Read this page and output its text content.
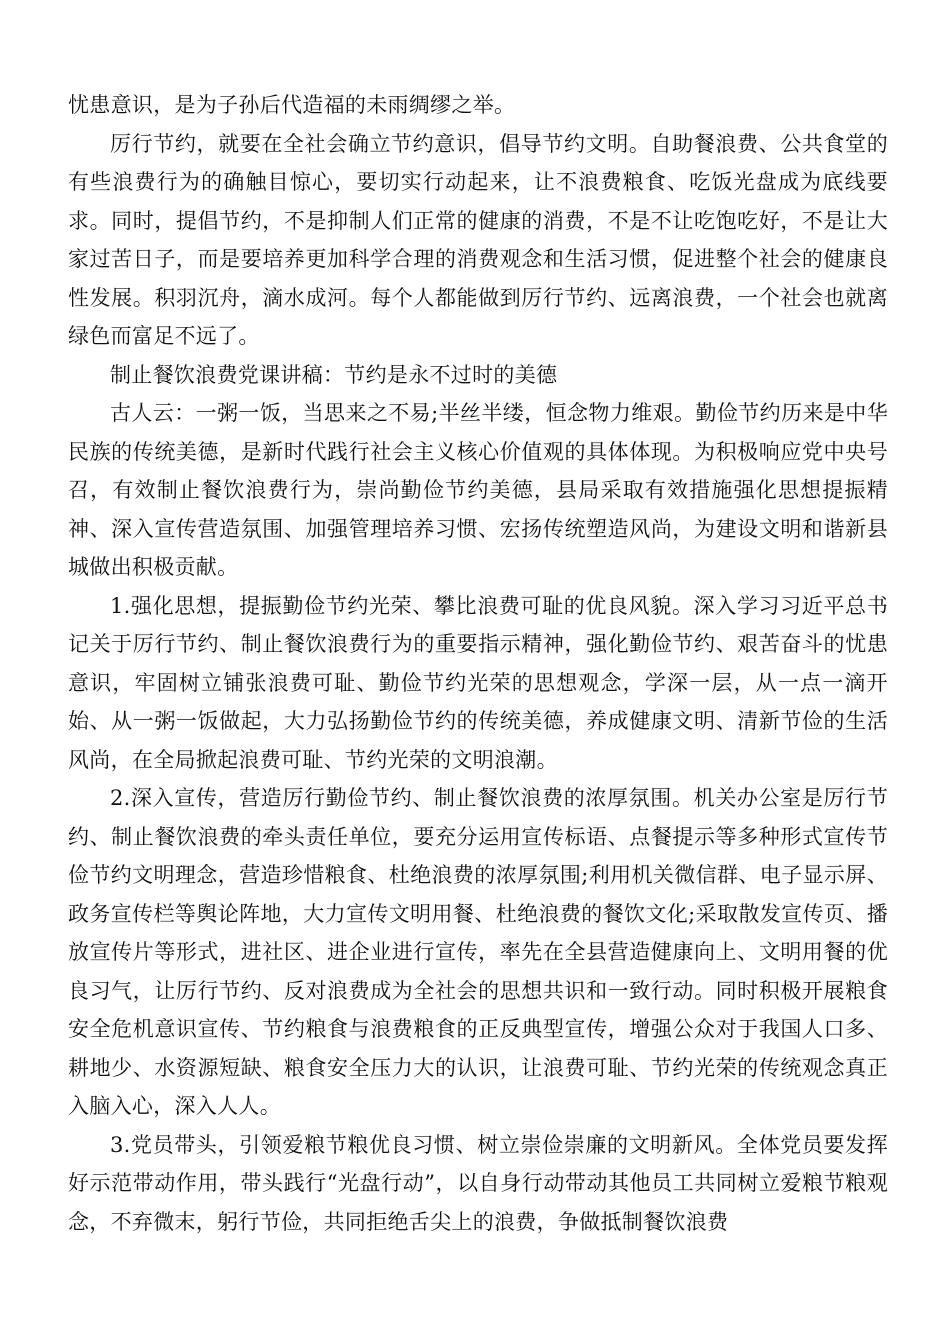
忧患意识，是为子孙后代造福的未雨绸缪之举。

厉行节约，就要在全社会确立节约意识，倡导节约文明。自助餐浪费、公共食堂的有些浪费行为的确触目惊心，要切实行动起来，让不浪费粮食、吃饭光盘成为底线要求。同时，提倡节约，不是抑制人们正常的健康的消费，不是不让吃饱吃好，不是让大家过苦日子，而是要培养更加科学合理的消费观念和生活习惯，促进整个社会的健康良性发展。积羽沉舟，滴水成河。每个人都能做到厉行节约、远离浪费，一个社会也就离绿色而富足不远了。

制止餐饮浪费党课讲稿：节约是永不过时的美德

古人云：一粥一饭，当思来之不易;半丝半缕，恒念物力维艰。勤俭节约历来是中华民族的传统美德，是新时代践行社会主义核心价值观的具体体现。为积极响应党中央号召，有效制止餐饮浪费行为，崇尚勤俭节约美德，县局采取有效措施强化思想提振精神、深入宣传营造氛围、加强管理培养习惯、宏扬传统塑造风尚，为建设文明和谐新县城做出积极贡献。

1.强化思想，提振勤俭节约光荣、攀比浪费可耻的优良风貌。深入学习习近平总书记关于厉行节约、制止餐饮浪费行为的重要指示精神，强化勤俭节约、艰苦奋斗的忧患意识，牢固树立铺张浪费可耻、勤俭节约光荣的思想观念，学深一层，从一点一滴开始、从一粥一饭做起，大力弘扬勤俭节约的传统美德，养成健康文明、清新节俭的生活风尚，在全局掀起浪费可耻、节约光荣的文明浪潮。

2.深入宣传，营造厉行勤俭节约、制止餐饮浪费的浓厚氛围。机关办公室是厉行节约、制止餐饮浪费的牵头责任单位，要充分运用宣传标语、点餐提示等多种形式宣传节俭节约文明理念，营造珍惜粮食、杜绝浪费的浓厚氛围;利用机关微信群、电子显示屏、政务宣传栏等舆论阵地，大力宣传文明用餐、杜绝浪费的餐饮文化;采取散发宣传页、播放宣传片等形式，进社区、进企业进行宣传，率先在全县营造健康向上、文明用餐的优良习气，让厉行节约、反对浪费成为全社会的思想共识和一致行动。同时积极开展粮食安全危机意识宣传、节约粮食与浪费粮食的正反典型宣传，增强公众对于我国人口多、耕地少、水资源短缺、粮食安全压力大的认识，让浪费可耻、节约光荣的传统观念真正入脑入心，深入人人。

3.党员带头，引领爱粮节粮优良习惯、树立崇俭崇廉的文明新风。全体党员要发挥好示范带动作用，带头践行“光盘行动”，以自身行动带动其他员工共同树立爱粮节粮观念，不弃微末，躬行节俭，共同拒绝舌尖上的浪费，争做抵制餐饮浪费
